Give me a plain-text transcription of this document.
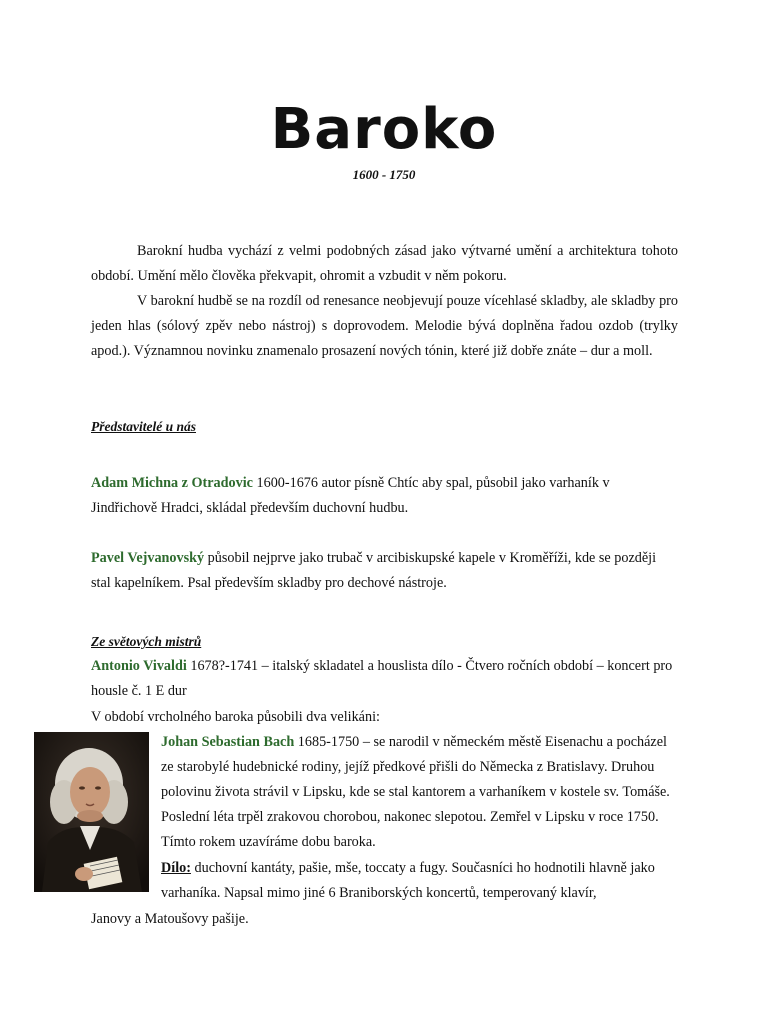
Baroko

1600 - 1750

Barokní hudba vychází z velmi podobných zásad jako výtvarné umění a architektura tohoto období. Umění mělo člověka překvapit, ohromit a vzbudit v něm pokoru.

V barokní hudbě se na rozdíl od renesance neobjevují pouze vícehlasé skladby, ale skladby pro jeden hlas (sólový zpěv nebo nástroj) s doprovodem. Melodie bývá doplněna řadou ozdob (trylky apod.). Významnou novinku znamenalo prosazení nových tónin, které již dobře znáte – dur a moll.

Představitelé u nás

Adam Michna z Otradovic 1600-1676 autor písně Chtíc aby spal, působil jako varhaník v Jindřichově Hradci, skládal především duchovní hudbu.

Pavel Vejvanovský působil nejprve jako trubač v arcibiskupské kapele v Kroměříži, kde se později stal kapelníkem. Psal především skladby pro dechové nástroje.

Ze světových mistrů

Antonio Vivaldi 1678?-1741 – italský skladatel a houslista dílo - Čtvero ročních období – koncert pro housle č. 1 E dur

V období vrcholného baroka působili dva velikáni:

Johan Sebastian Bach 1685-1750 – se narodil v německém městě Eisenachu a pocházel ze starobylé hudebnické rodiny, jejíž předkové přišli do Německa z Bratislavy. Druhou polovinu života strávil v Lipsku, kde se stal kantorem a varhaníkem v kostele sv. Tomáše. Poslední léta trpěl zrakovou chorobou, nakonec slepotou. Zemřel v Lipsku v roce 1750. Tímto rokem uzavíráme dobu baroka.

Dílo: duchovní kantáty, pašie, mše, toccaty a fugy. Současníci ho hodnotili hlavně jako varhaníka. Napsal mimo jiné 6 Braniborských koncertů, temperovaný klavír,

Janovy a Matoušovy pašije.
